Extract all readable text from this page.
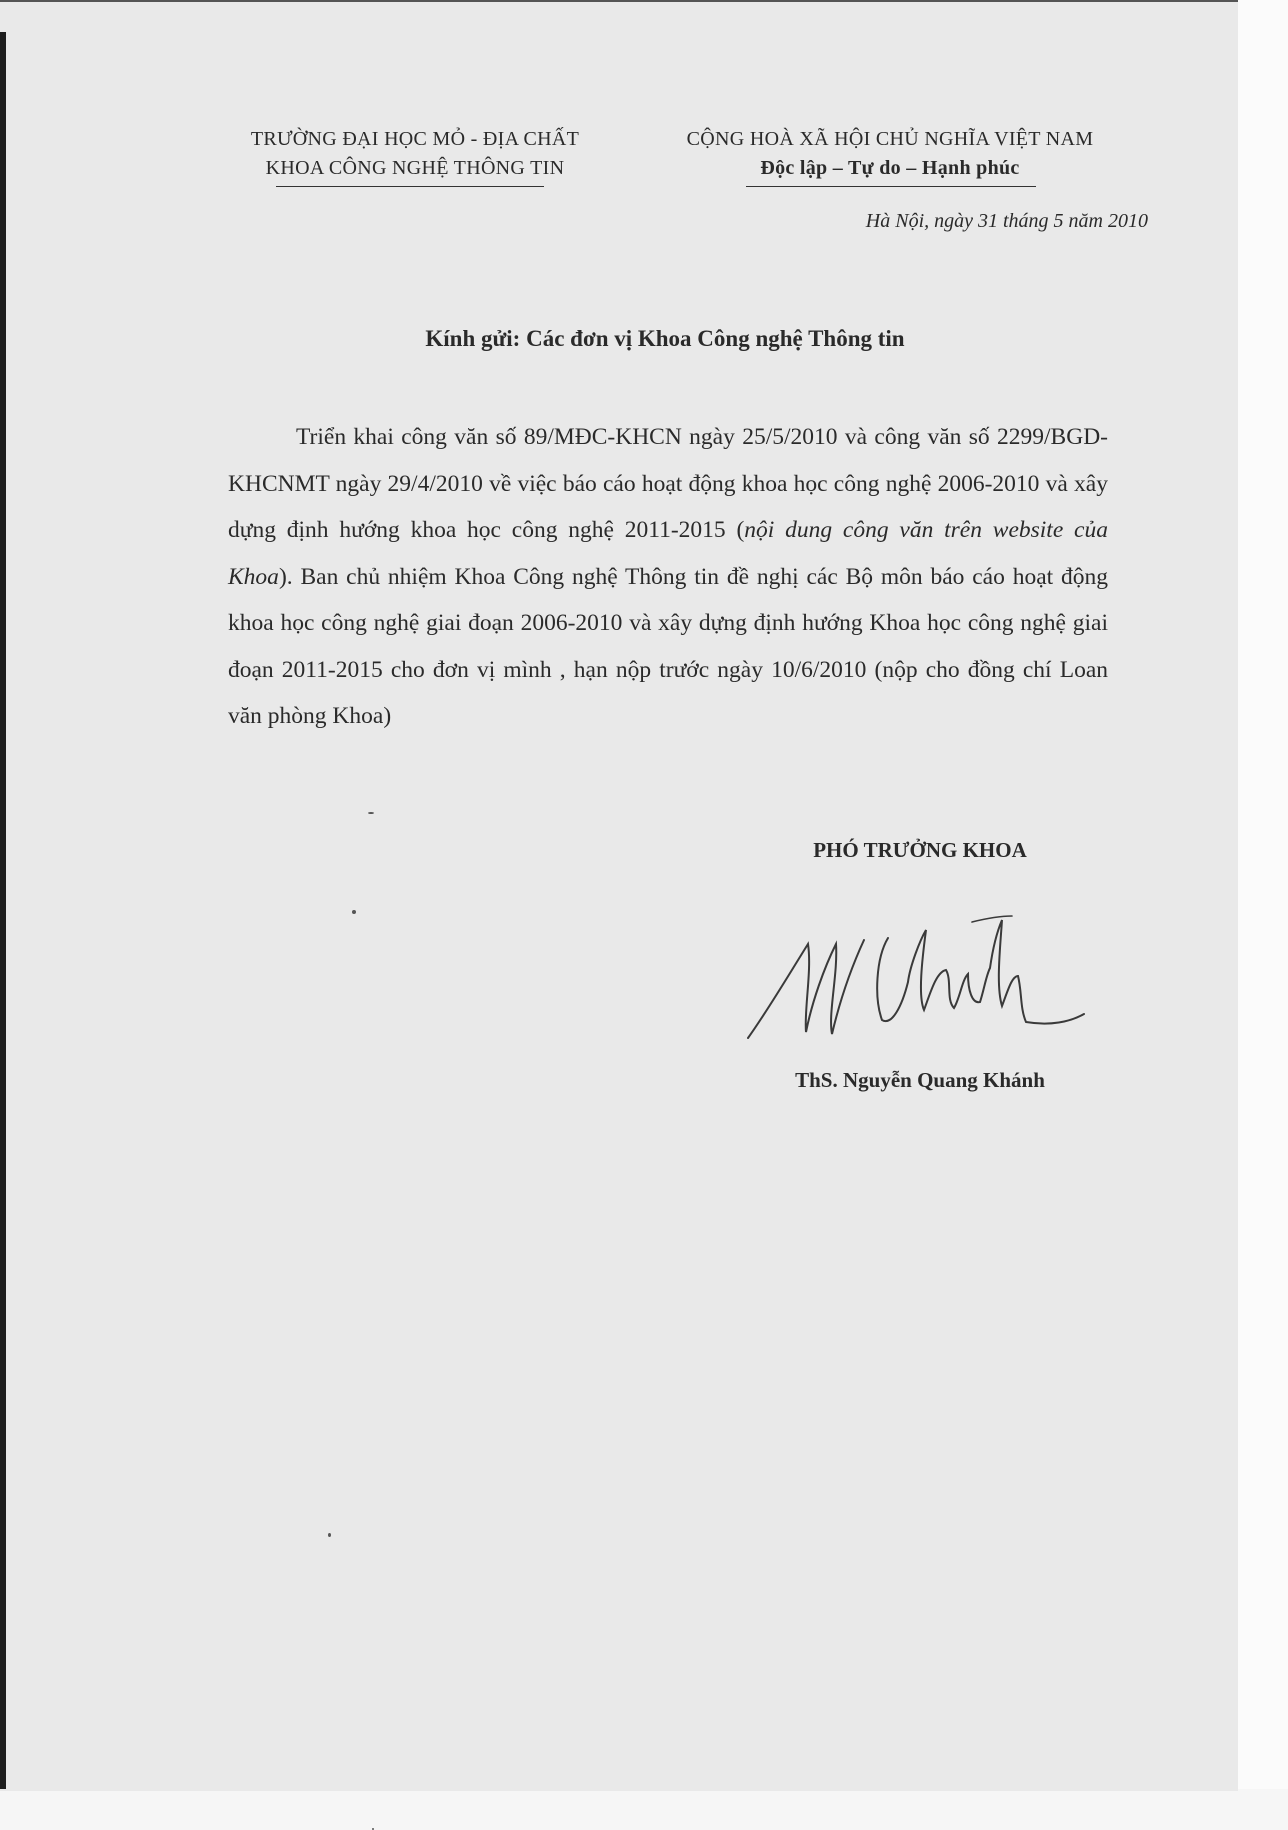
TRƯỜNG ĐẠI HỌC MỎ - ĐỊA CHẤT
KHOA CÔNG NGHỆ THÔNG TIN
CỘNG HOÀ XÃ HỘI CHỦ NGHĨA VIỆT NAM
Độc lập – Tự do – Hạnh phúc
Hà Nội, ngày 31 tháng 5 năm 2010
Kính gửi: Các đơn vị Khoa Công nghệ Thông tin

Triển khai công văn số 89/MĐC-KHCN ngày 25/5/2010 và công văn số 2299/BGD-KHCNMT ngày 29/4/2010 về việc báo cáo hoạt động khoa học công nghệ 2006-2010 và xây dựng định hướng khoa học công nghệ 2011-2015 (nội dung công văn trên website của Khoa). Ban chủ nhiệm Khoa Công nghệ Thông tin đề nghị các Bộ môn báo cáo hoạt động khoa học công nghệ giai đoạn 2006-2010 và xây dựng định hướng Khoa học công nghệ giai đoạn 2011-2015 cho đơn vị mình , hạn nộp trước ngày 10/6/2010 (nộp cho đồng chí Loan văn phòng Khoa)

PHÓ TRƯỞNG KHOA
ThS. Nguyễn Quang Khánh
